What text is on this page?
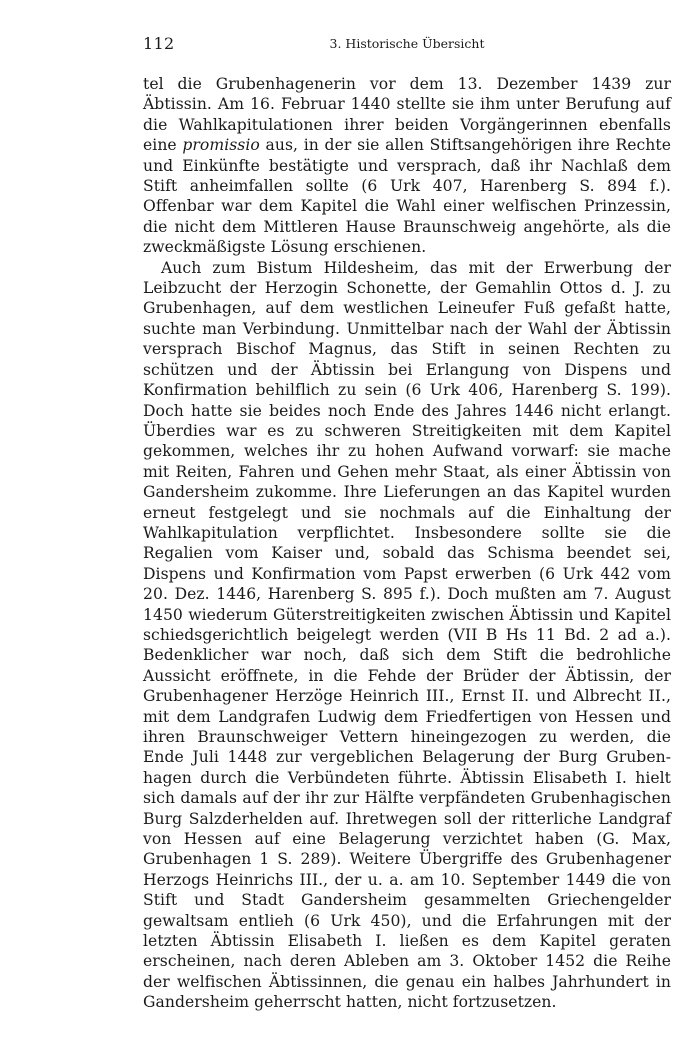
112	3. Historische Übersicht

tel die Grubenhagenerin vor dem 13. Dezember 1439 zur Äbtissin. Am 16. Februar 1440 stellte sie ihm unter Berufung auf die Wahlkapitulationen ihrer beiden Vorgängerinnen ebenfalls eine promissio aus, in der sie allen Stiftsangehörigen ihre Rechte und Einkünfte bestätigte und versprach, daß ihr Nachlaß dem Stift anheimfallen sollte (6 Urk 407, Harenberg S. 894 f.). Offenbar war dem Kapitel die Wahl einer welfischen Prinzessin, die nicht dem Mittleren Hause Braunschweig angehörte, als die zweckmäßigste Lösung erschienen.

Auch zum Bistum Hildesheim, das mit der Erwerbung der Leibzucht der Herzogin Schonette, der Gemahlin Ottos d. J. zu Grubenhagen, auf dem westlichen Leineufer Fuß gefaßt hatte, suchte man Verbindung. Unmittelbar nach der Wahl der Äbtissin versprach Bischof Magnus, das Stift in seinen Rechten zu schützen und der Äbtissin bei Erlangung von Dispens und Konfirmation behilflich zu sein (6 Urk 406, Harenberg S. 199). Doch hatte sie beides noch Ende des Jahres 1446 nicht erlangt. Überdies war es zu schweren Streitigkeiten mit dem Kapitel gekommen, welches ihr zu hohen Aufwand vorwarf: sie mache mit Reiten, Fahren und Gehen mehr Staat, als einer Äbtissin von Gandersheim zukomme. Ihre Lieferungen an das Kapitel wurden erneut festgelegt und sie nochmals auf die Einhaltung der Wahlkapitulation verpflichtet. Insbesondere sollte sie die Regalien vom Kaiser und, sobald das Schisma beendet sei, Dispens und Konfirmation vom Papst erwerben (6 Urk 442 vom 20. Dez. 1446, Harenberg S. 895 f.). Doch mußten am 7. August 1450 wiederum Güterstreitigkeiten zwischen Äbtissin und Kapitel schiedsgerichtlich beigelegt werden (VII B Hs 11 Bd. 2 ad a.). Bedenklicher war noch, daß sich dem Stift die bedrohliche Aussicht eröffnete, in die Fehde der Brüder der Äbtissin, der Grubenhagener Herzöge Heinrich III., Ernst II. und Albrecht II., mit dem Landgrafen Ludwig dem Friedfertigen von Hessen und ihren Braunschweiger Vettern hineingezogen zu werden, die Ende Juli 1448 zur vergeblichen Belagerung der Burg Grubenhagen durch die Verbündeten führte. Äbtissin Elisabeth I. hielt sich damals auf der ihr zur Hälfte verpfändeten Grubenhagischen Burg Salzderhelden auf. Ihretwegen soll der ritterliche Landgraf von Hessen auf eine Belagerung verzichtet haben (G. Max, Grubenhagen 1 S. 289). Weitere Übergriffe des Grubenhagener Herzogs Heinrichs III., der u. a. am 10. September 1449 die von Stift und Stadt Gandersheim gesammelten Griechengelder gewaltsam entlieh (6 Urk 450), und die Erfahrungen mit der letzten Äbtissin Elisabeth I. ließen es dem Kapitel geraten erscheinen, nach deren Ableben am 3. Oktober 1452 die Reihe der welfischen Äbtissinnen, die genau ein halbes Jahrhundert in Gandersheim geherrscht hatten, nicht fortzusetzen.
